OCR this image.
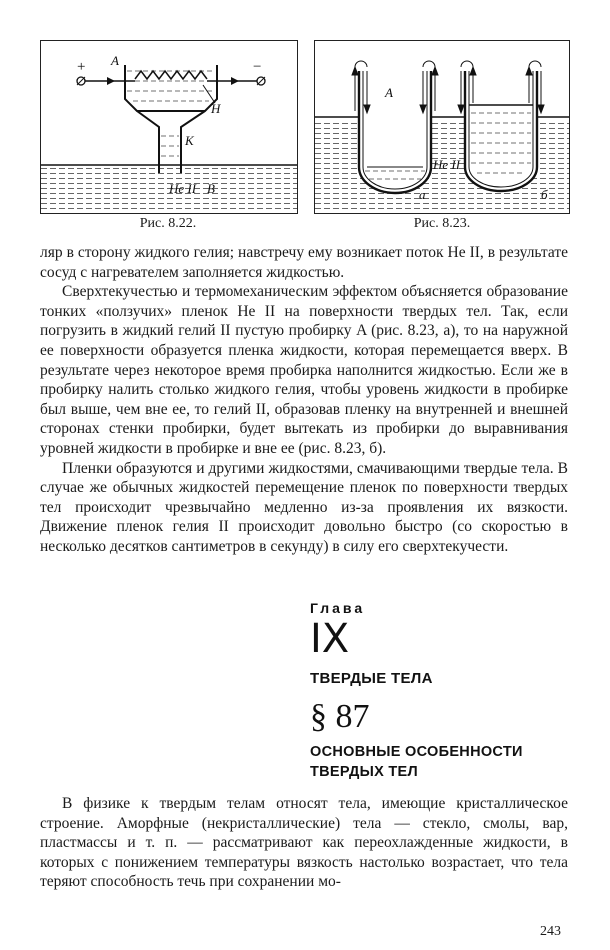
+	−
A
H
K
He II B
A
He II
а	б
Рис. 8.22.	Рис. 8.23.

ляр в сторону жидкого гелия; навстречу ему возникает поток He II, в результате сосуд с нагревателем заполняется жидкостью.

Сверхтекучестью и термомеханическим эффектом объясняется образование тонких «ползучих» пленок He II на поверхности твердых тел. Так, если погрузить в жидкий гелий II пустую пробирку A (рис. 8.23, а), то на наружной ее поверхности образуется пленка жидкости, которая перемещается вверх. В результате через некоторое время пробирка наполнится жидкостью. Если же в пробирку налить столько жидкого гелия, чтобы уровень жидкости в пробирке был выше, чем вне ее, то гелий II, образовав пленку на внутренней и внешней сторонах стенки пробирки, будет вытекать из пробирки до выравнивания уровней жидкости в пробирке и вне ее (рис. 8.23, б).

Пленки образуются и другими жидкостями, смачивающими твердые тела. В случае же обычных жидкостей перемещение пленок по поверхности твердых тел происходит чрезвычайно медленно из-за проявления их вязкости. Движение пленок гелия II происходит довольно быстро (со скоростью в несколько десятков сантиметров в секунду) в силу его сверхтекучести.

Глава
IX
ТВЕРДЫЕ ТЕЛА
§ 87
ОСНОВНЫЕ ОСОБЕННОСТИ
ТВЕРДЫХ ТЕЛ

В физике к твердым телам относят тела, имеющие кристаллическое строение. Аморфные (некристаллические) тела — стекло, смолы, вар, пластмассы и т. п. — рассматривают как переохлажденные жидкости, в которых с понижением температуры вязкость настолько возрастает, что тела теряют способность течь при сохранении мо-

243
